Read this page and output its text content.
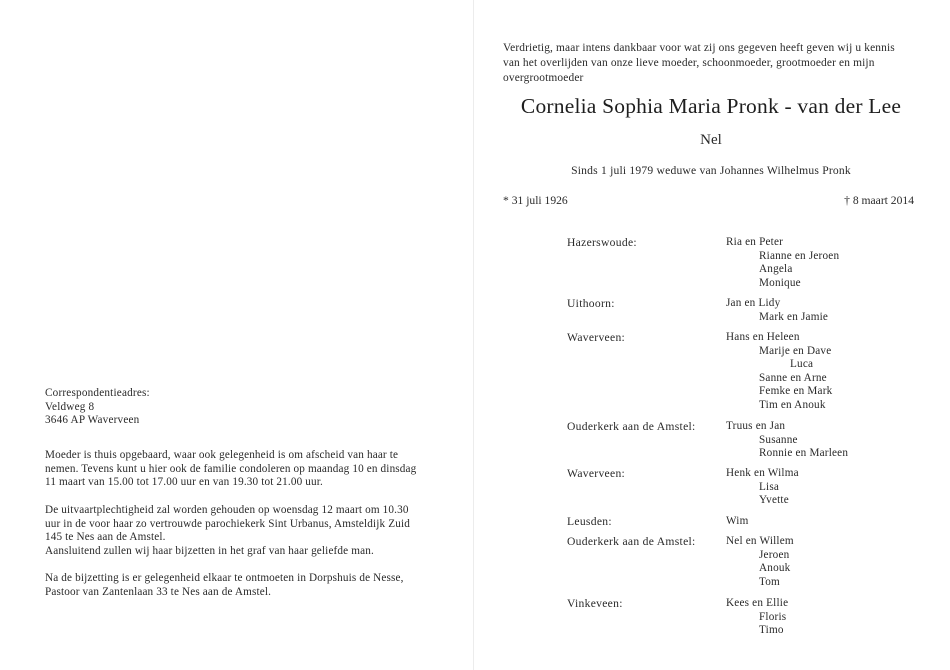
Verdrietig, maar intens dankbaar voor wat zij ons gegeven heeft geven wij u kennis
van het overlijden van onze lieve moeder, schoonmoeder, grootmoeder en mijn
overgrootmoeder
Cornelia Sophia Maria Pronk - van der Lee
Nel
Sinds 1 juli 1979 weduwe van Johannes Wilhelmus Pronk
* 31 juli 1926	† 8 maart 2014
Hazerswoude:	Ria en Peter
Rianne en Jeroen
Angela
Monique
Uithoorn:	Jan en Lidy
Mark en Jamie
Waverveen:	Hans en Heleen
Marije en Dave
Luca
Sanne en Arne
Femke en Mark
Tim en Anouk
Ouderkerk aan de Amstel:	Truus en Jan
Susanne
Ronnie en Marleen
Waverveen:	Henk en Wilma
Lisa
Yvette
Leusden:	Wim
Ouderkerk aan de Amstel:	Nel en Willem
Jeroen
Anouk
Tom
Vinkeveen:	Kees en Ellie
Floris
Timo
Correspondentieadres:
Veldweg 8
3646 AP Waverveen
Moeder is thuis opgebaard, waar ook gelegenheid is om afscheid van haar te
nemen. Tevens kunt u hier ook de familie condoleren op maandag 10 en dinsdag
11 maart van 15.00 tot 17.00 uur en van 19.30 tot 21.00 uur.
De uitvaartplechtigheid zal worden gehouden op woensdag 12 maart om 10.30
uur in de voor haar zo vertrouwde parochiekerk Sint Urbanus, Amsteldijk Zuid
145 te Nes aan de Amstel.
Aansluitend zullen wij haar bijzetten in het graf van haar geliefde man.
Na de bijzetting is er gelegenheid elkaar te ontmoeten in Dorpshuis de Nesse,
Pastoor van Zantenlaan 33 te Nes aan de Amstel.
